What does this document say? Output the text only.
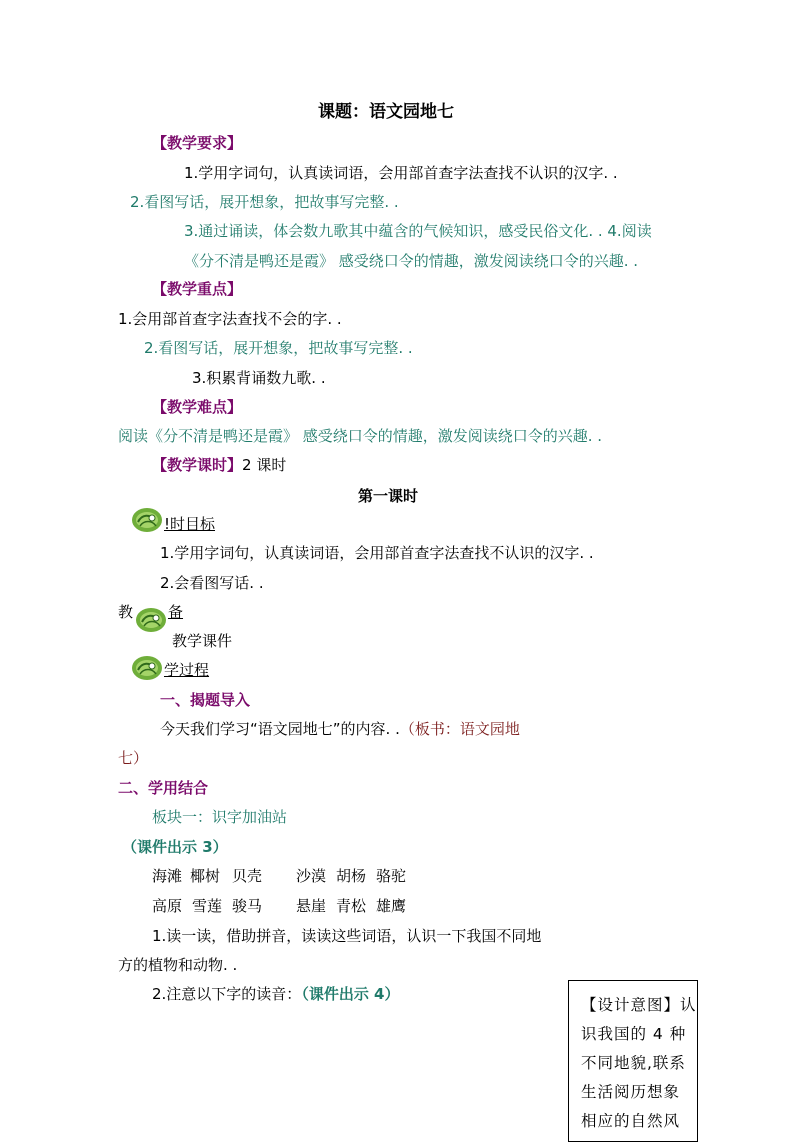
课题：语文园地七
【教学要求】
1.学用字词句，认真读词语，会用部首查字法查找不认识的汉字. .
2.看图写话，展开想象，把故事写完整. .
3.通过诵读，体会数九歌其中蕴含的气候知识，感受民俗文化. . 4.阅读
《分不清是鸭还是霞》 感受绕口令的情趣，激发阅读绕口令的兴趣. .
【教学重点】
1.会用部首查字法查找不会的字. .
2.看图写话，展开想象，把故事写完整. .
3.积累背诵数九歌. .
【教学难点】
阅读《分不清是鸭还是霞》 感受绕口令的情趣，激发阅读绕口令的兴趣. .
【教学课时】2 课时
第一课时
!时目标
1.学用字词句，认真读词语，会用部首查字法查找不认识的汉字. .
2.会看图写话. .
教 备
教学课件
学过程
一、揭题导入
今天我们学习“语文园地七”的内容. .（板书：语文园地
七）
二、学用结合
板块一：识字加油站
（课件出示 3）
海滩 椰树 贝壳 沙漠 胡杨 骆驼
高原 雪莲 骏马 悬崖 青松 雄鹰
1.读一读，借助拼音，读读这些词语，认识一下我国不同地
方的植物和动物. .
2.注意以下字的读音：（课件出示 4）
【设计意图】认
识我国的 4 种
不同地貌,联系
生活阅历想象
相应的自然风
